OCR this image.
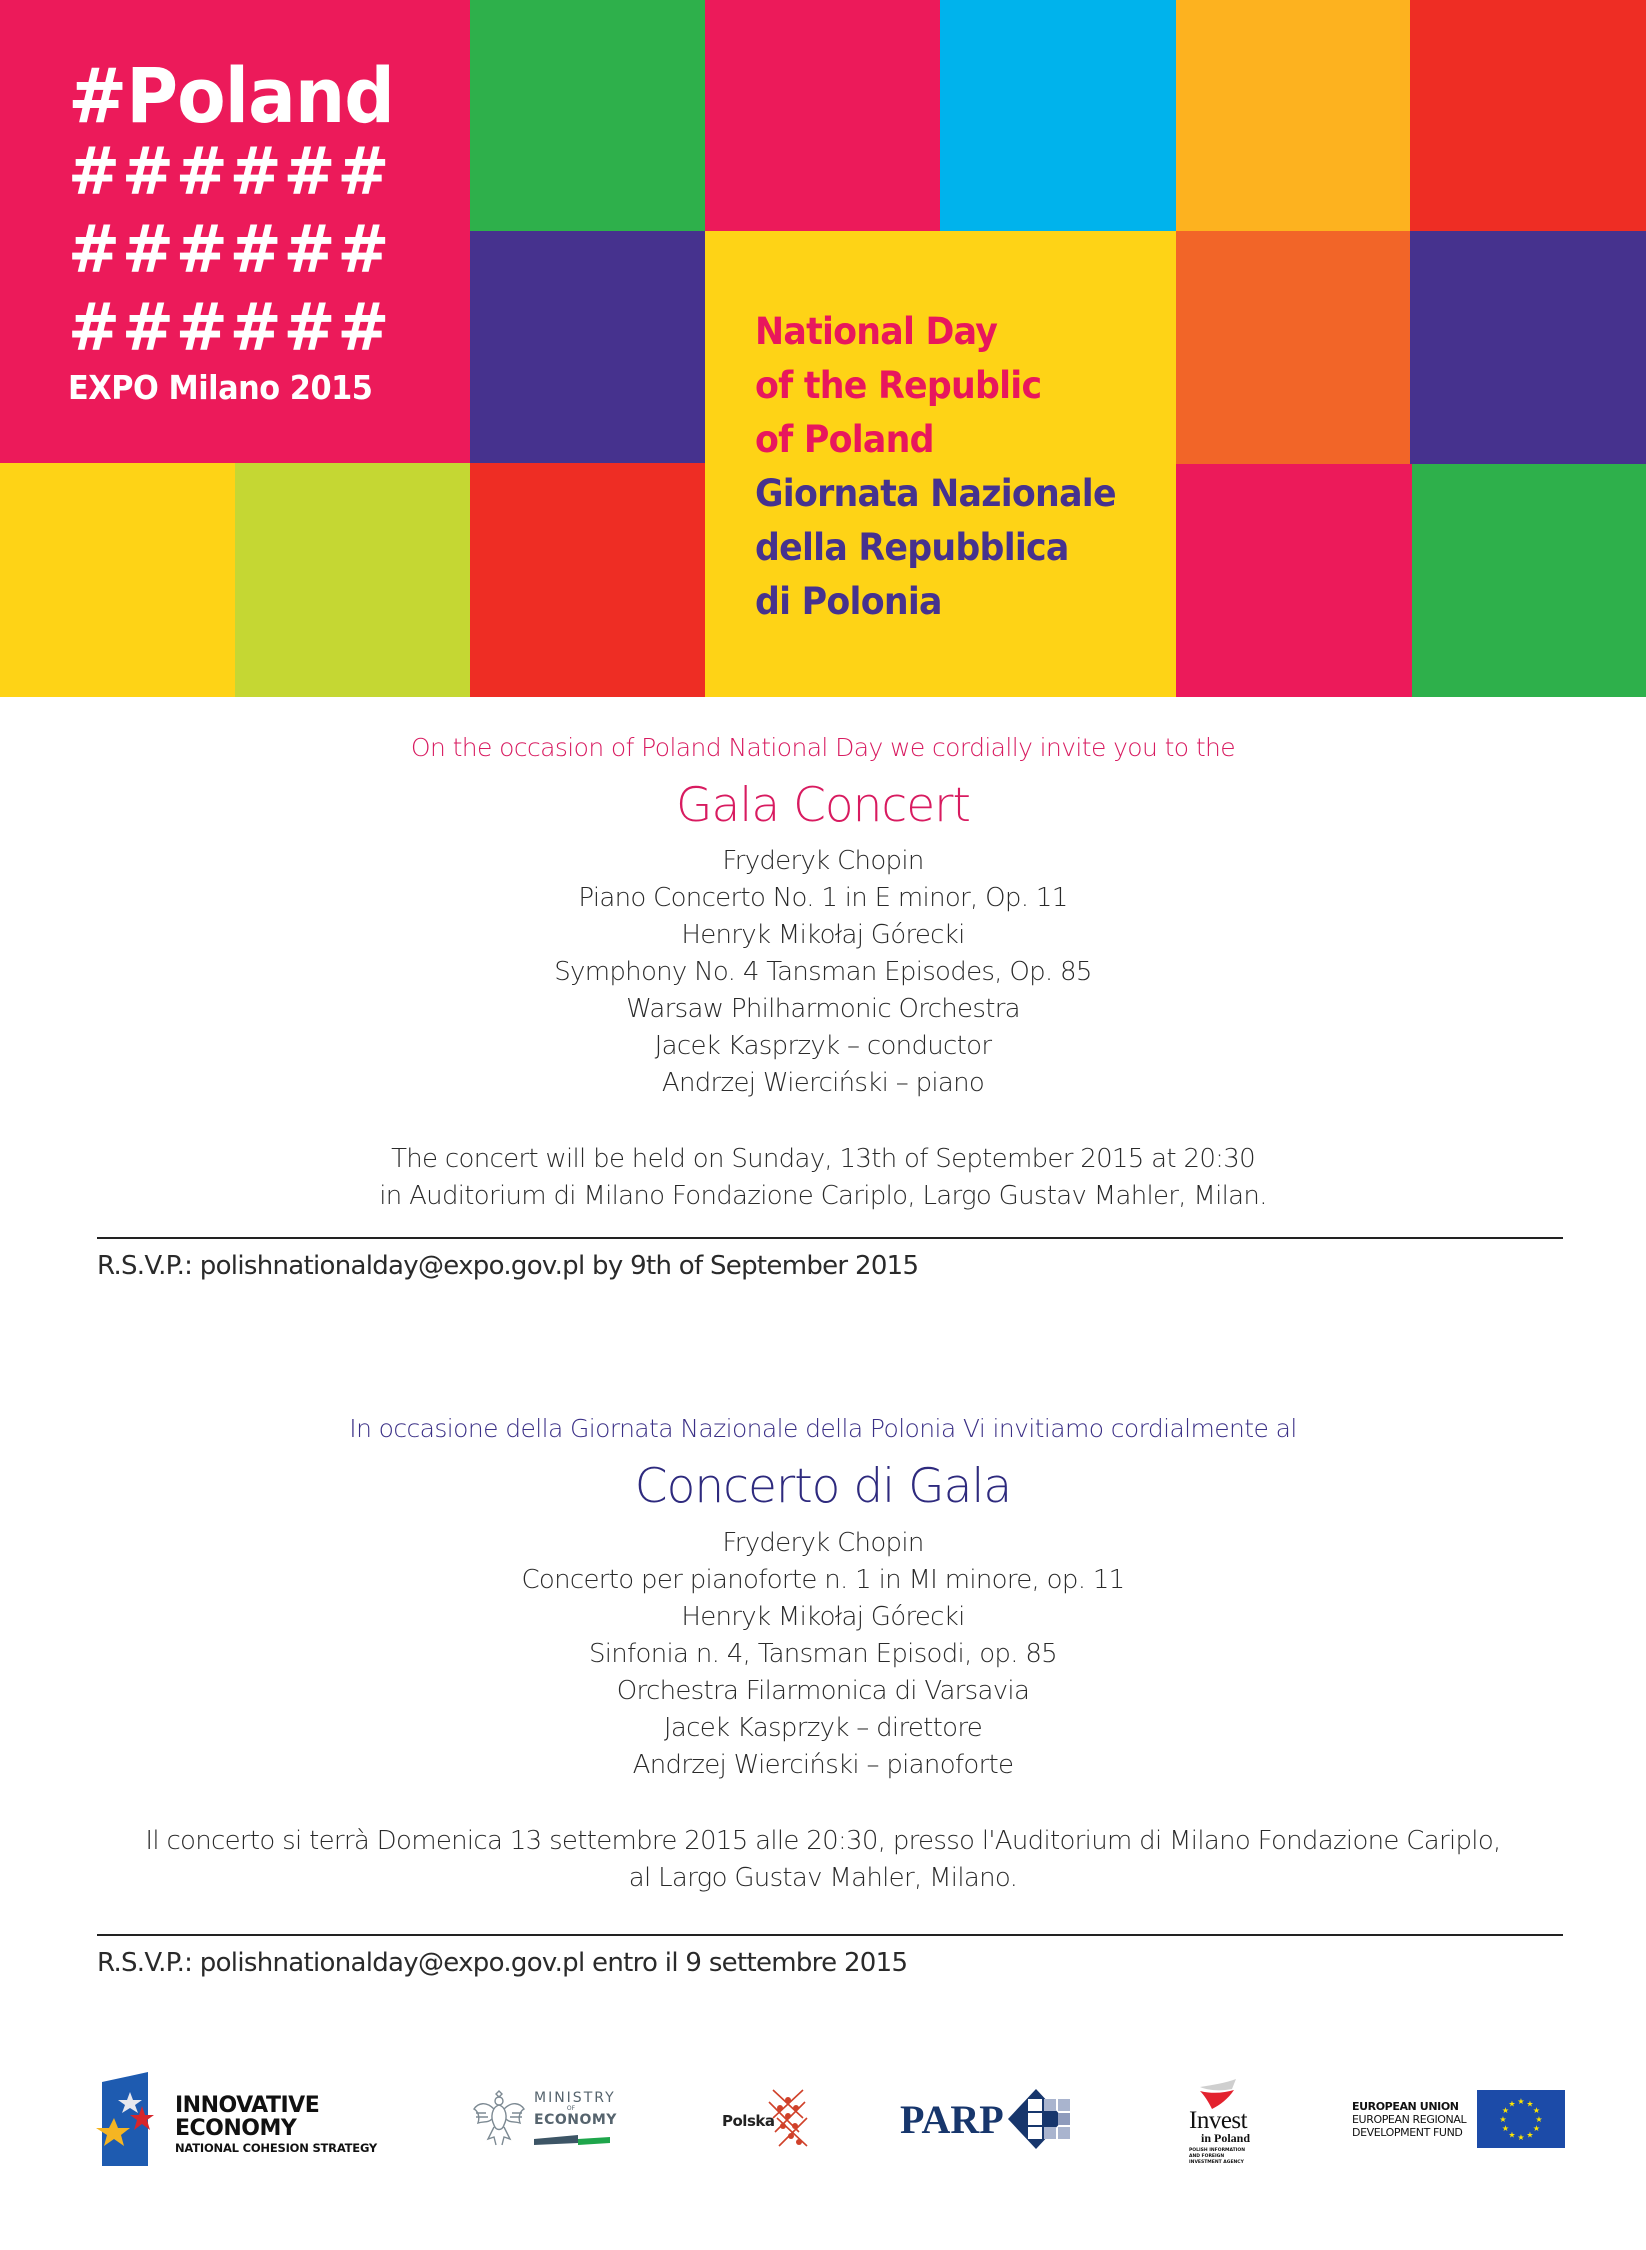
#Poland
######
######
######
EXPO Milano 2015
National Day
of the Republic
of Poland
Giornata Nazionale
della Repubblica
di Polonia
On the occasion of Poland National Day we cordially invite you to the
Gala Concert
Fryderyk Chopin
Piano Concerto No. 1 in E minor, Op. 11
Henryk Mikołaj Górecki
Symphony No. 4 Tansman Episodes, Op. 85
Warsaw Philharmonic Orchestra
Jacek Kasprzyk – conductor
Andrzej Wierciński – piano
The concert will be held on Sunday, 13th of September 2015 at 20:30
in Auditorium di Milano Fondazione Cariplo, Largo Gustav Mahler, Milan.
R.S.V.P.: polishnationalday@expo.gov.pl by 9th of September 2015
In occasione della Giornata Nazionale della Polonia Vi invitiamo cordialmente al
Concerto di Gala
Fryderyk Chopin
Concerto per pianoforte n. 1 in MI minore, op. 11
Henryk Mikołaj Górecki
Sinfonia n. 4, Tansman Episodi, op. 85
Orchestra Filarmonica di Varsavia
Jacek Kasprzyk – direttore
Andrzej Wierciński – pianoforte
Il concerto si terrà Domenica 13 settembre 2015 alle 20:30, presso l'Auditorium di Milano Fondazione Cariplo,
al Largo Gustav Mahler, Milano.
R.S.V.P.: polishnationalday@expo.gov.pl entro il 9 settembre 2015
INNOVATIVE
ECONOMY
NATIONAL COHESION STRATEGY
MINISTRY
OF
ECONOMY	Polska	PARP	Invest
in Poland
POLISH INFORMATION AND FOREIGN INVESTMENT AGENCY
EUROPEAN UNION
EUROPEAN REGIONAL
DEVELOPMENT FUND
★ ★
★
★
★
★
★
★
★
★
★
★
